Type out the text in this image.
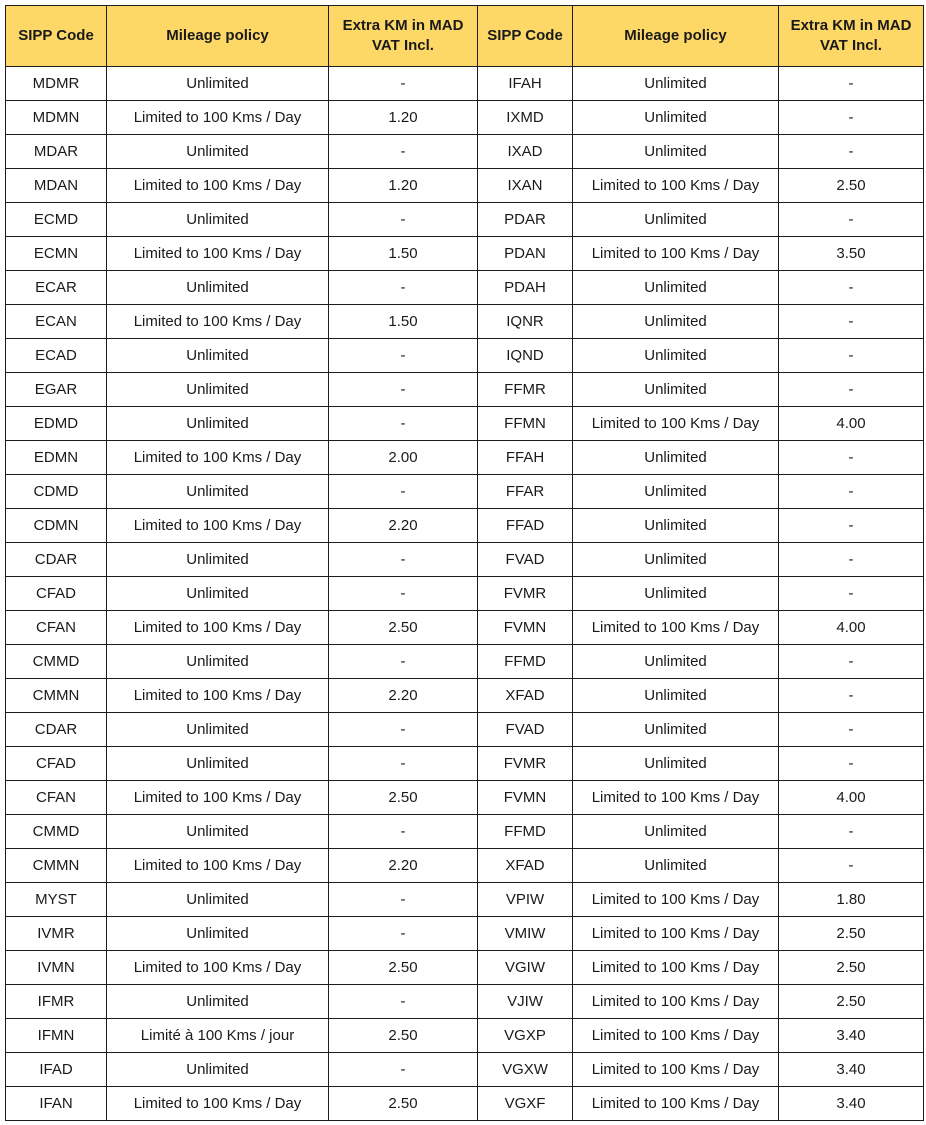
SIPP Code	Mileage policy	Extra KM in MAD VAT Incl.	SIPP Code	Mileage policy	Extra KM in MAD VAT Incl.
MDMR	Unlimited	-	IFAH	Unlimited	-
MDMN	Limited to 100 Kms / Day	1.20	IXMD	Unlimited	-
MDAR	Unlimited	-	IXAD	Unlimited	-
MDAN	Limited to 100 Kms / Day	1.20	IXAN	Limited to 100 Kms / Day	2.50
ECMD	Unlimited	-	PDAR	Unlimited	-
ECMN	Limited to 100 Kms / Day	1.50	PDAN	Limited to 100 Kms / Day	3.50
ECAR	Unlimited	-	PDAH	Unlimited	-
ECAN	Limited to 100 Kms / Day	1.50	IQNR	Unlimited	-
ECAD	Unlimited	-	IQND	Unlimited	-
EGAR	Unlimited	-	FFMR	Unlimited	-
EDMD	Unlimited	-	FFMN	Limited to 100 Kms / Day	4.00
EDMN	Limited to 100 Kms / Day	2.00	FFAH	Unlimited	-
CDMD	Unlimited	-	FFAR	Unlimited	-
CDMN	Limited to 100 Kms / Day	2.20	FFAD	Unlimited	-
CDAR	Unlimited	-	FVAD	Unlimited	-
CFAD	Unlimited	-	FVMR	Unlimited	-
CFAN	Limited to 100 Kms / Day	2.50	FVMN	Limited to 100 Kms / Day	4.00
CMMD	Unlimited	-	FFMD	Unlimited	-
CMMN	Limited to 100 Kms / Day	2.20	XFAD	Unlimited	-
CDAR	Unlimited	-	FVAD	Unlimited	-
CFAD	Unlimited	-	FVMR	Unlimited	-
CFAN	Limited to 100 Kms / Day	2.50	FVMN	Limited to 100 Kms / Day	4.00
CMMD	Unlimited	-	FFMD	Unlimited	-
CMMN	Limited to 100 Kms / Day	2.20	XFAD	Unlimited	-
MYST	Unlimited	-	VPIW	Limited to 100 Kms / Day	1.80
IVMR	Unlimited	-	VMIW	Limited to 100 Kms / Day	2.50
IVMN	Limited to 100 Kms / Day	2.50	VGIW	Limited to 100 Kms / Day	2.50
IFMR	Unlimited	-	VJIW	Limited to 100 Kms / Day	2.50
IFMN	Limité à 100 Kms / jour	2.50	VGXP	Limited to 100 Kms / Day	3.40
IFAD	Unlimited	-	VGXW	Limited to 100 Kms / Day	3.40
IFAN	Limited to 100 Kms / Day	2.50	VGXF	Limited to 100 Kms / Day	3.40
